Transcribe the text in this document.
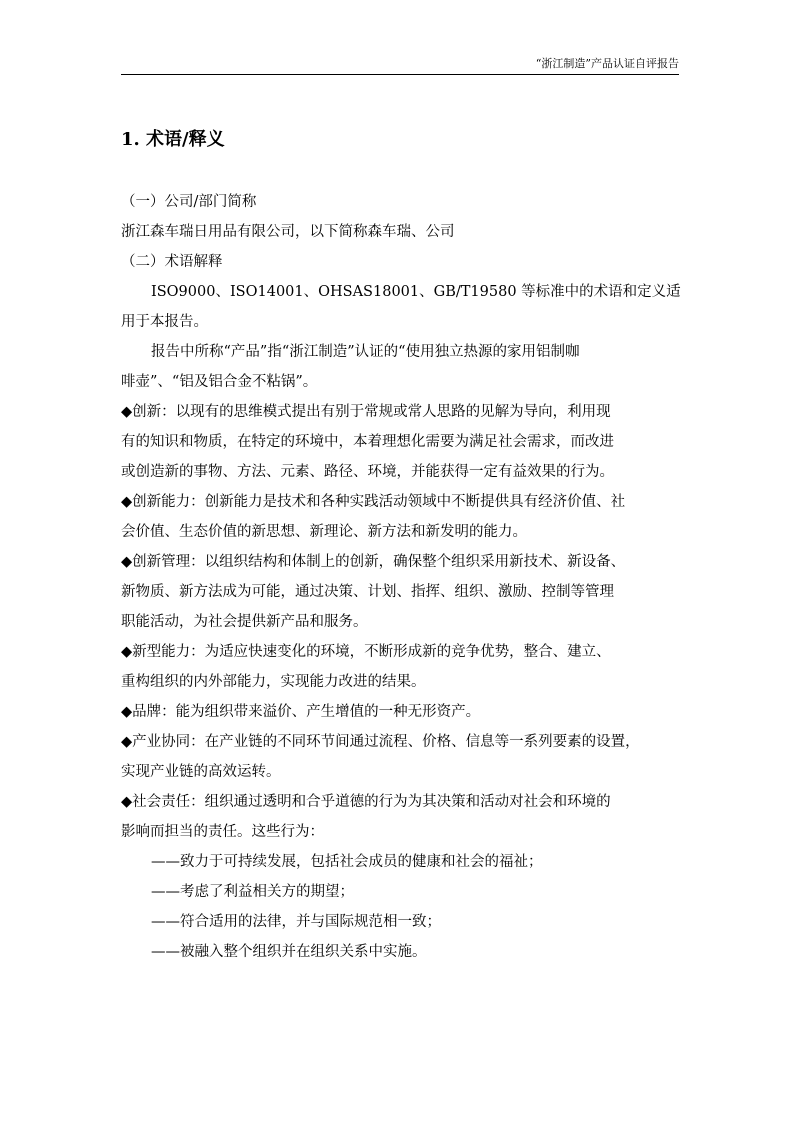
“浙江制造”产品认证自评报告
1. 术语/释义
（一）公司/部门简称
浙江森车瑞日用品有限公司，以下简称森车瑞、公司
（二）术语解释
ISO9000、ISO14001、OHSAS18001、GB/T19580 等标准中的术语和定义适
用于本报告。
报告中所称“产品”指“浙江制造”认证的“使用独立热源的家用铝制咖
啡壶”、“铝及铝合金不粘锅”。
◆创新：以现有的思维模式提出有别于常规或常人思路的见解为导向，利用现
有的知识和物质，在特定的环境中，本着理想化需要为满足社会需求，而改进
或创造新的事物、方法、元素、路径、环境，并能获得一定有益效果的行为。
◆创新能力：创新能力是技术和各种实践活动领域中不断提供具有经济价值、社
会价值、生态价值的新思想、新理论、新方法和新发明的能力。
◆创新管理：以组织结构和体制上的创新，确保整个组织采用新技术、新设备、
新物质、新方法成为可能，通过决策、计划、指挥、组织、激励、控制等管理
职能活动，为社会提供新产品和服务。
◆新型能力：为适应快速变化的环境，不断形成新的竞争优势，整合、建立、
重构组织的内外部能力，实现能力改进的结果。
◆品牌：能为组织带来溢价、产生增值的一种无形资产。
◆产业协同：在产业链的不同环节间通过流程、价格、信息等一系列要素的设置，
实现产业链的高效运转。
◆社会责任：组织通过透明和合乎道德的行为为其决策和活动对社会和环境的
影响而担当的责任。这些行为：
——致力于可持续发展，包括社会成员的健康和社会的福祉；
——考虑了利益相关方的期望；
——符合适用的法律，并与国际规范相一致；
——被融入整个组织并在组织关系中实施。
